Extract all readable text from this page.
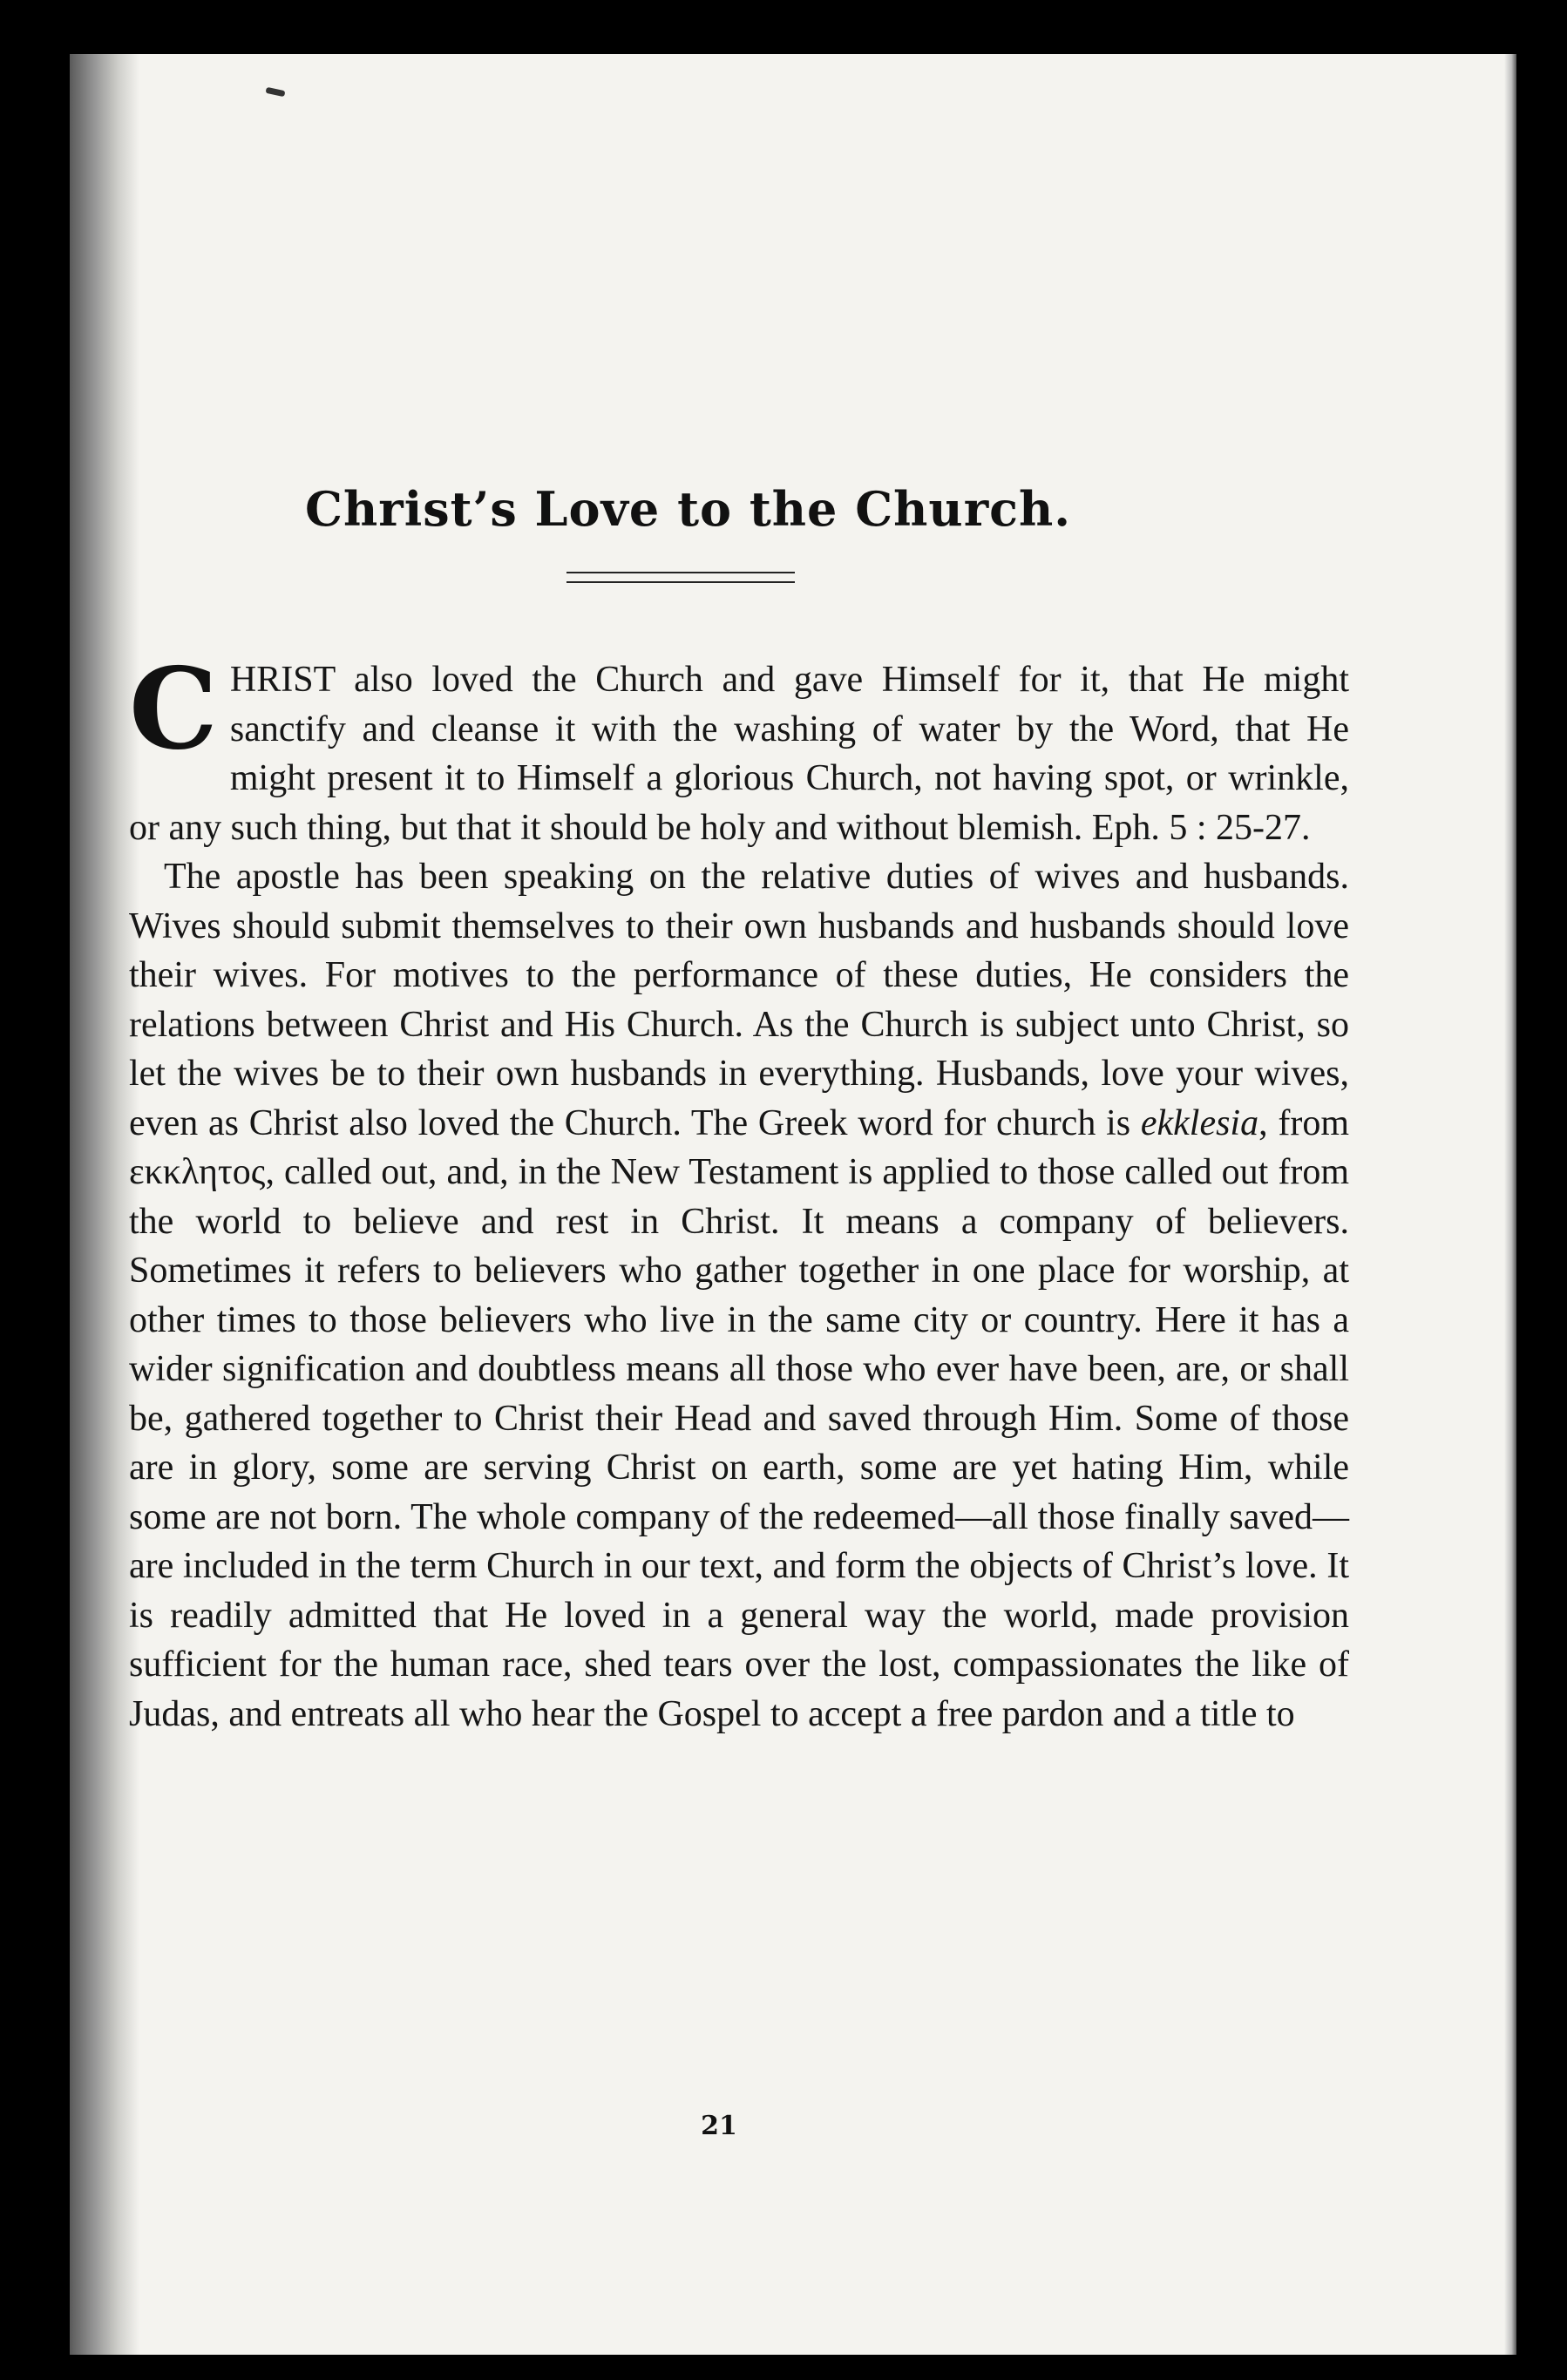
Christ’s Love to the Church.

CHRIST also loved the Church and gave Himself for it, that He might sanctify and cleanse it with the washing of water by the Word, that He might present it to Himself a glorious Church, not having spot, or wrinkle, or any such thing, but that it should be holy and without blemish. Eph. 5 : 25-27.

The apostle has been speaking on the relative duties of wives and husbands. Wives should submit themselves to their own husbands and husbands should love their wives. For motives to the performance of these duties, He considers the relations between Christ and His Church. As the Church is subject unto Christ, so let the wives be to their own husbands in everything. Husbands, love your wives, even as Christ also loved the Church. The Greek word for church is ekklesia, from εκκλητος, called out, and, in the New Testament is applied to those called out from the world to believe and rest in Christ. It means a company of believers. Sometimes it refers to believers who gather together in one place for worship, at other times to those believers who live in the same city or country. Here it has a wider signification and doubtless means all those who ever have been, are, or shall be, gathered together to Christ their Head and saved through Him. Some of those are in glory, some are serving Christ on earth, some are yet hating Him, while some are not born. The whole company of the redeemed—all those finally saved—are included in the term Church in our text, and form the objects of Christ’s love. It is readily admitted that He loved in a general way the world, made provision sufficient for the human race, shed tears over the lost, compassionates the like of Judas, and entreats all who hear the Gospel to accept a free pardon and a title to

21
